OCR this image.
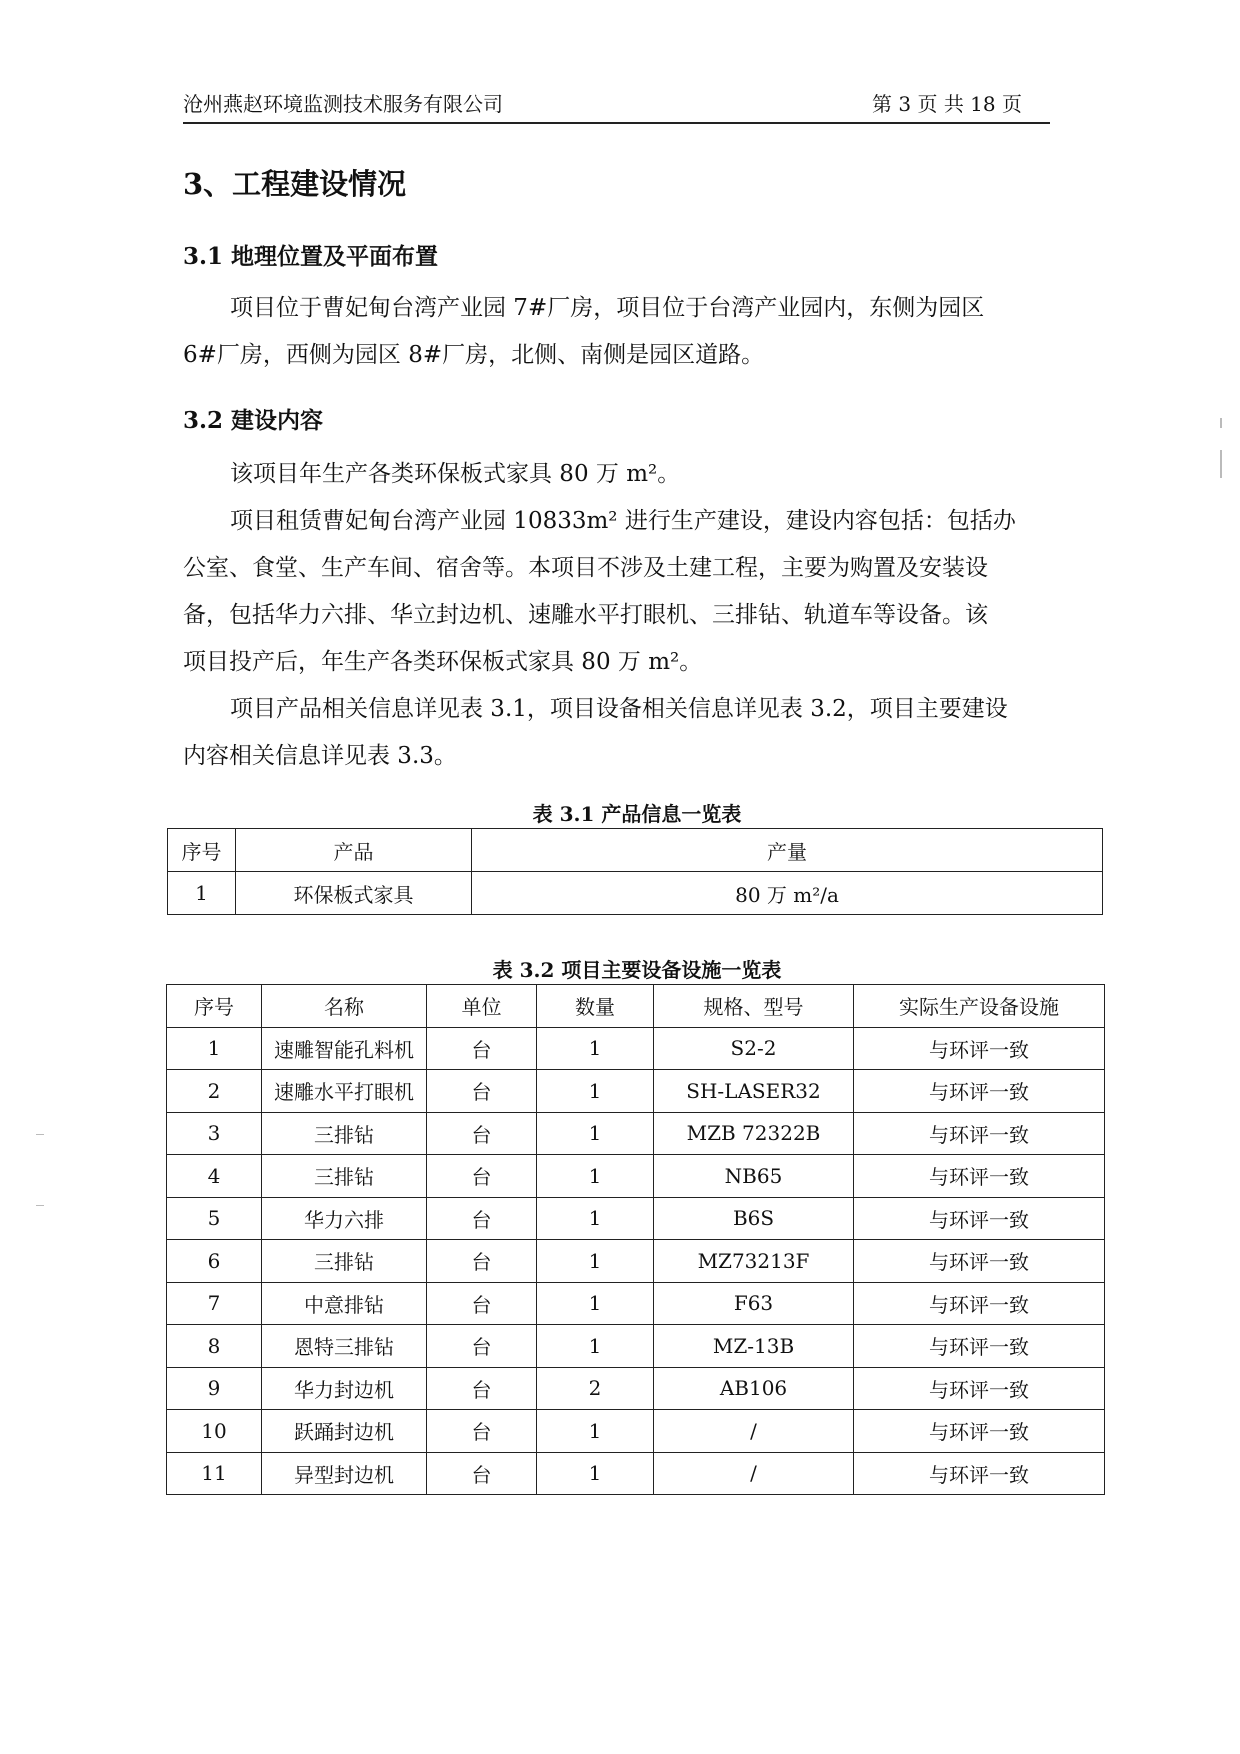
沧州燕赵环境监测技术服务有限公司	第 3 页 共 18 页
3、工程建设情况
3.1 地理位置及平面布置
项目位于曹妃甸台湾产业园 7#厂房，项目位于台湾产业园内，东侧为园区
6#厂房，西侧为园区 8#厂房，北侧、南侧是园区道路。
3.2 建设内容
该项目年生产各类环保板式家具 80 万 m²。
项目租赁曹妃甸台湾产业园 10833m² 进行生产建设，建设内容包括：包括办
公室、食堂、生产车间、宿舍等。本项目不涉及土建工程，主要为购置及安装设
备，包括华力六排、华立封边机、速雕水平打眼机、三排钻、轨道车等设备。该
项目投产后，年生产各类环保板式家具 80 万 m²。
项目产品相关信息详见表 3.1，项目设备相关信息详见表 3.2，项目主要建设
内容相关信息详见表 3.3。
表 3.1 产品信息一览表
序号	产品	产量
1	环保板式家具	80 万 m²/a
表 3.2 项目主要设备设施一览表
序号	名称	单位	数量	规格、型号	实际生产设备设施
1	速雕智能孔料机	台	1	S2-2	与环评一致
2	速雕水平打眼机	台	1	SH-LASER32	与环评一致
3	三排钻	台	1	MZB 72322B	与环评一致
4	三排钻	台	1	NB65	与环评一致
5	华力六排	台	1	B6S	与环评一致
6	三排钻	台	1	MZ73213F	与环评一致
7	中意排钻	台	1	F63	与环评一致
8	恩特三排钻	台	1	MZ-13B	与环评一致
9	华力封边机	台	2	AB106	与环评一致
10	跃踊封边机	台	1	/	与环评一致
11	异型封边机	台	1	/	与环评一致
